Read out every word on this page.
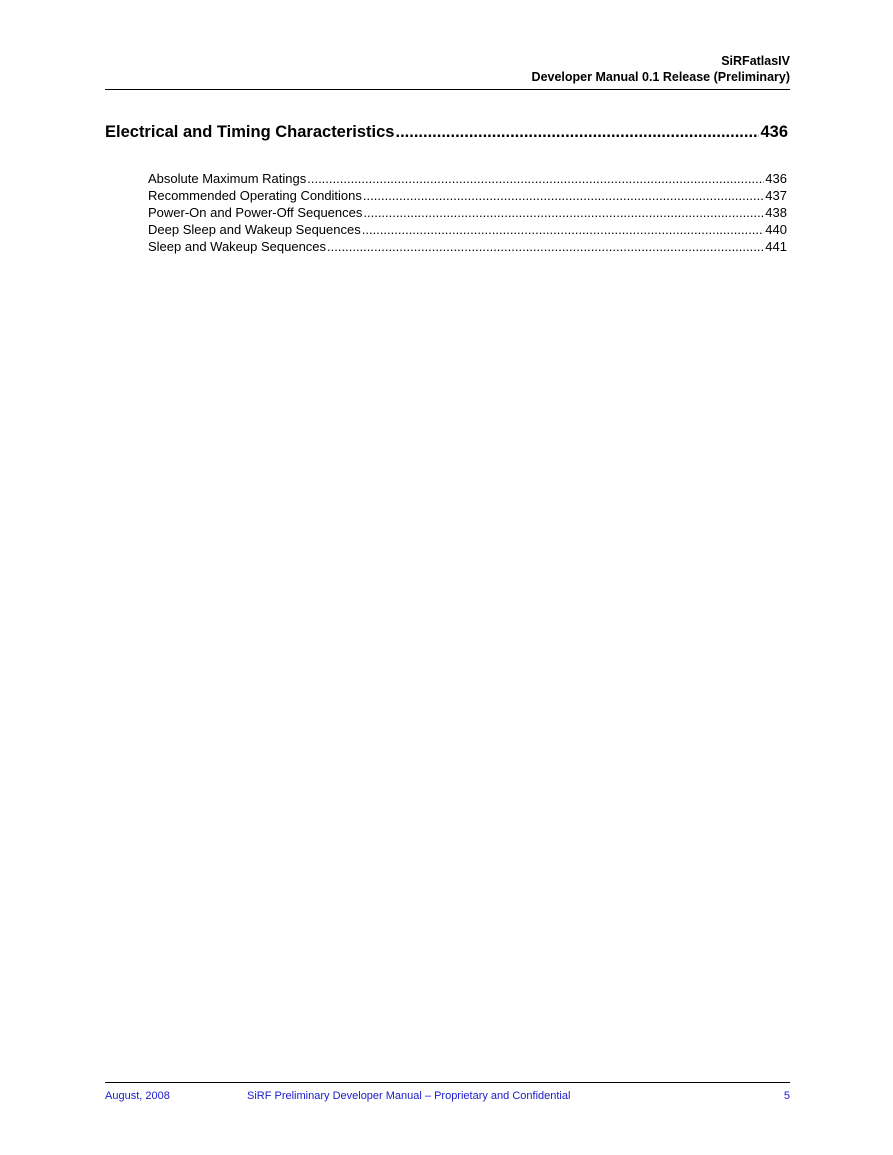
SiRFatlasIV
Developer Manual 0.1 Release (Preliminary)
Electrical and Timing Characteristics .....	436
Absolute Maximum Ratings .....	436
Recommended Operating Conditions .....	437
Power-On and Power-Off Sequences .....	438
Deep Sleep and Wakeup Sequences .....	440
Sleep and Wakeup Sequences .....	441
August, 2008	SiRF Preliminary Developer Manual – Proprietary and Confidential	5
